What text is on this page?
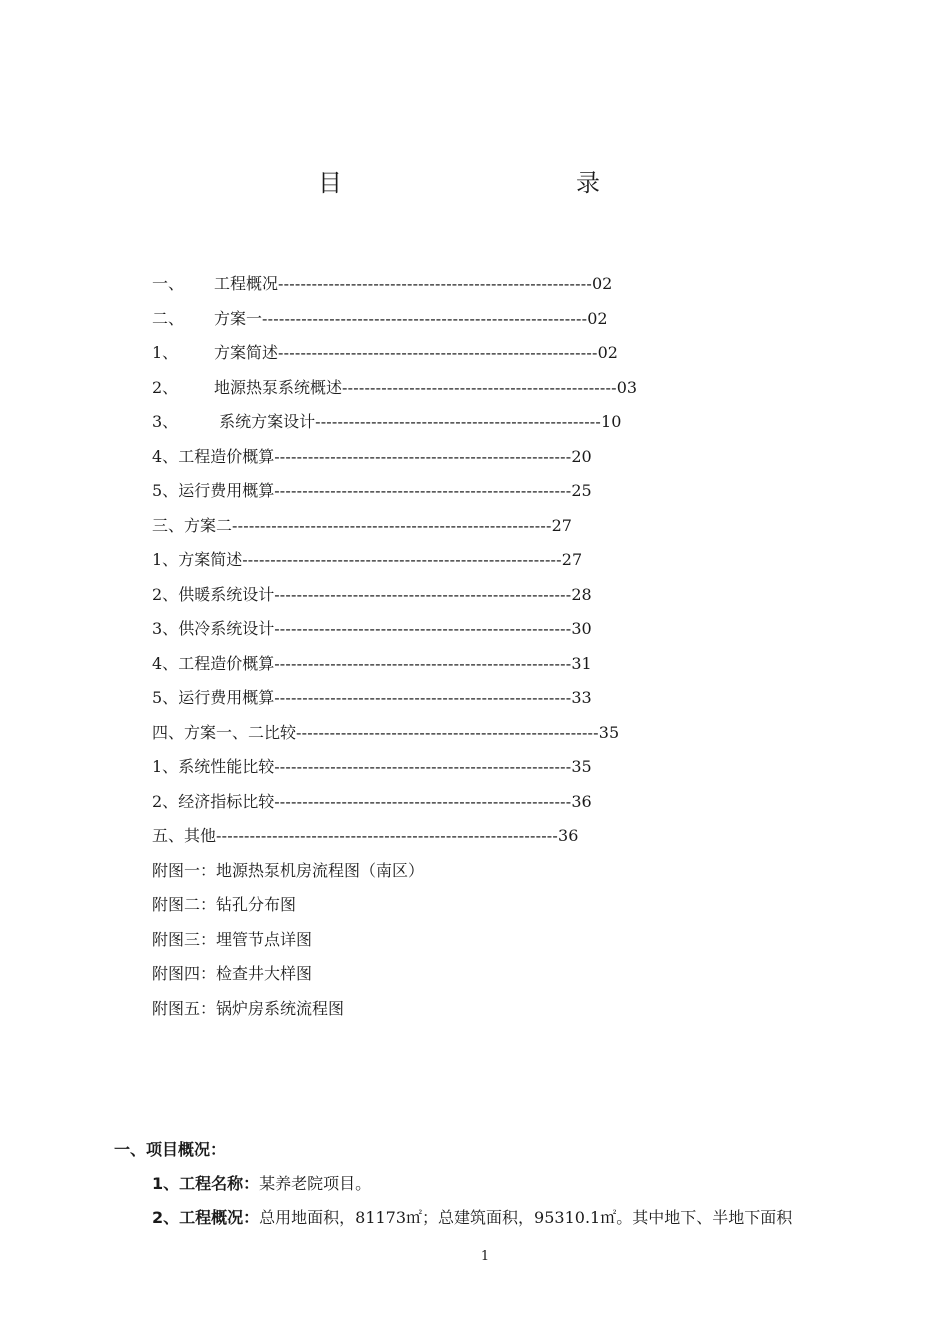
目　　录
一、 工程概况--------------------------------------------------------02
二、 方案一----------------------------------------------------------02
1、 方案简述---------------------------------------------------------02
2、 地源热泵系统概述-------------------------------------------------03
3、 系统方案设计---------------------------------------------------10
4、工程造价概算-----------------------------------------------------20
5、运行费用概算-----------------------------------------------------25
三、方案二---------------------------------------------------------27
1、方案简述---------------------------------------------------------27
2、供暖系统设计-----------------------------------------------------28
3、供冷系统设计-----------------------------------------------------30
4、工程造价概算-----------------------------------------------------31
5、运行费用概算-----------------------------------------------------33
四、方案一、二比较------------------------------------------------------35
1、系统性能比较-----------------------------------------------------35
2、经济指标比较-----------------------------------------------------36
五、其他-------------------------------------------------------------36
附图一：地源热泵机房流程图（南区）
附图二：钻孔分布图
附图三：埋管节点详图
附图四：检查井大样图
附图五：锅炉房系统流程图
一、项目概况：
1、工程名称：某养老院项目。
2、工程概况：总用地面积，81173㎡；总建筑面积，95310.1㎡。其中地下、半地下面积
1
